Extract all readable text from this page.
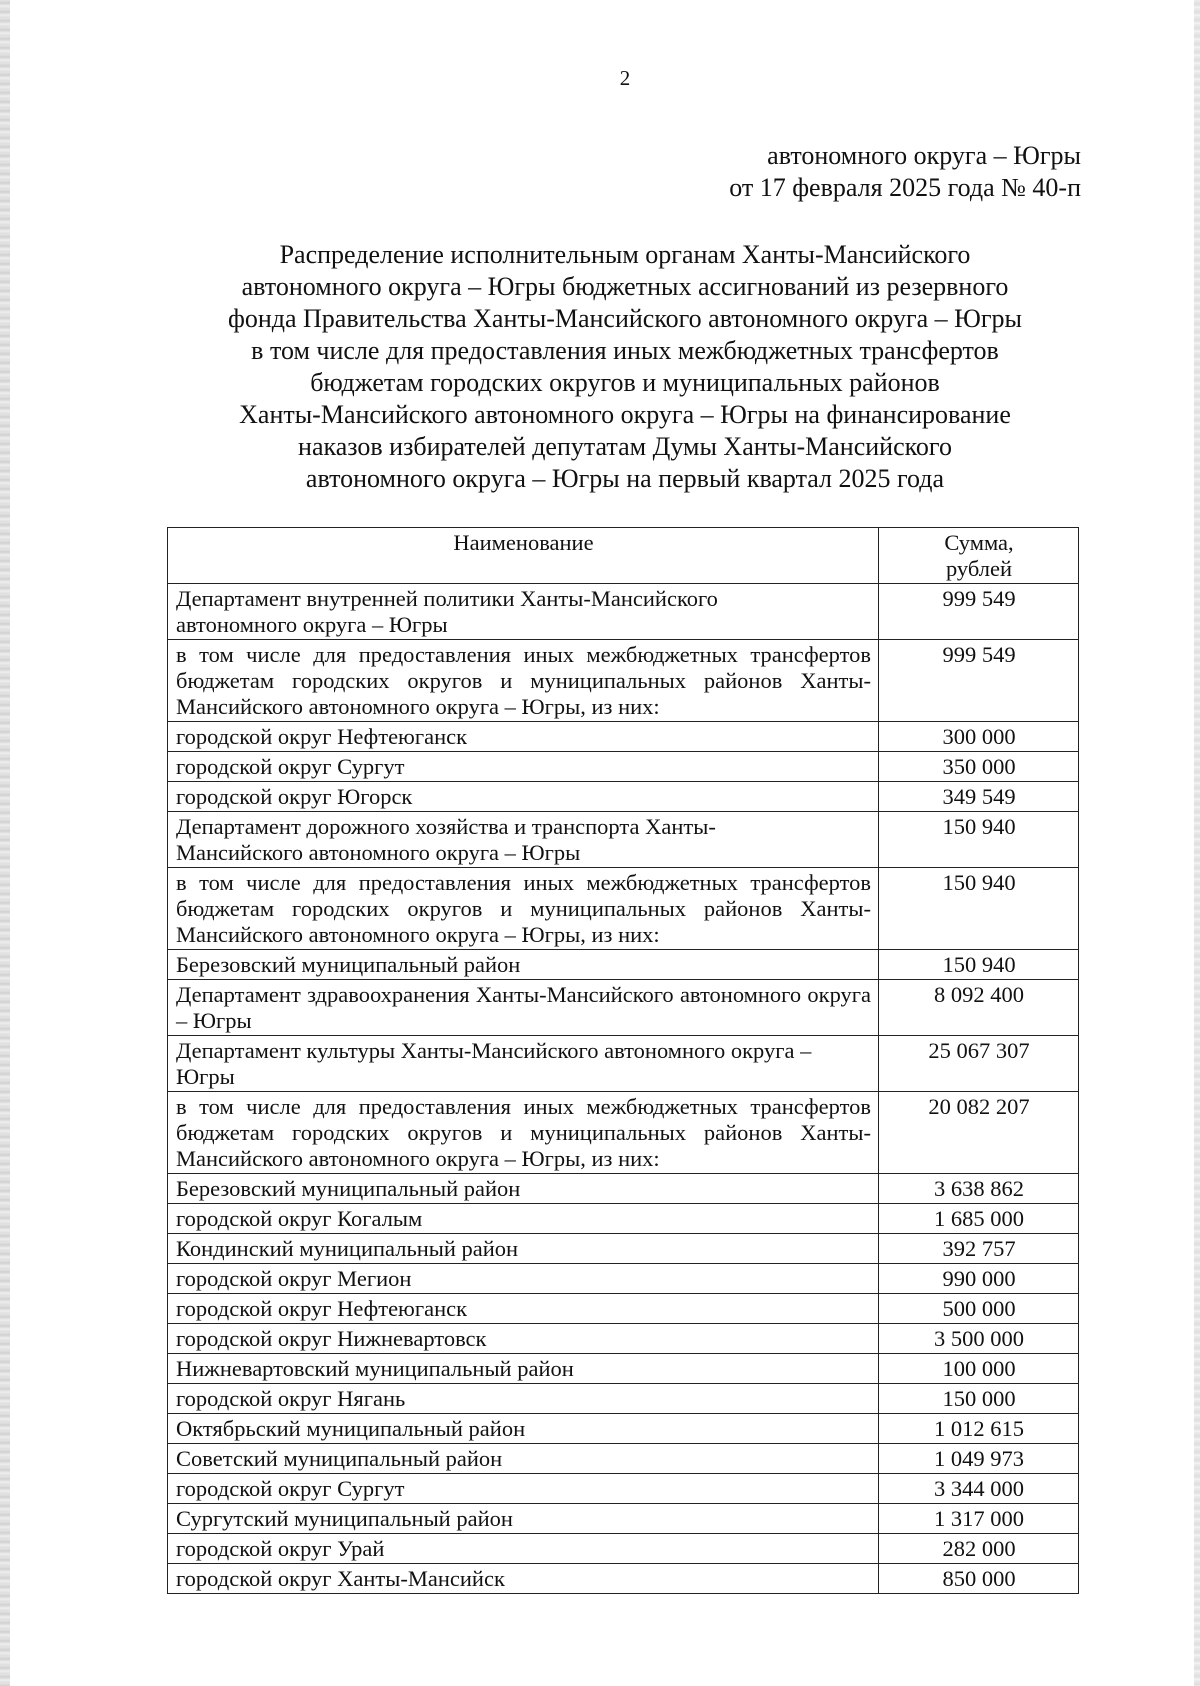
2
автономного округа – Югры
от 17 февраля 2025 года № 40-п
Распределение исполнительным органам Ханты-Мансийского
автономного округа – Югры бюджетных ассигнований из резервного
фонда Правительства Ханты-Мансийского автономного округа – Югры
в том числе для предоставления иных межбюджетных трансфертов
бюджетам городских округов и муниципальных районов
Ханты-Мансийского автономного округа – Югры на финансирование
наказов избирателей депутатам Думы Ханты-Мансийского
автономного округа – Югры на первый квартал 2025 года
Наименование	Сумма,
рублей
Департамент внутренней политики Ханты-Мансийского
автономного округа – Югры	999 549
в том числе для предоставления иных межбюджетных трансфертов бюджетам городских округов и муниципальных районов Ханты-Мансийского автономного округа – Югры, из них:	999 549
городской округ Нефтеюганск	300 000
городской округ Сургут	350 000
городской округ Югорск	349 549
Департамент дорожного хозяйства и транспорта Ханты-
Мансийского автономного округа – Югры	150 940
в том числе для предоставления иных межбюджетных трансфертов бюджетам городских округов и муниципальных районов Ханты-Мансийского автономного округа – Югры, из них:	150 940
Березовский муниципальный район	150 940
Департамент здравоохранения Ханты-Мансийского автономного округа – Югры	8 092 400
Департамент культуры Ханты-Мансийского автономного округа – Югры	25 067 307
в том числе для предоставления иных межбюджетных трансфертов бюджетам городских округов и муниципальных районов Ханты-Мансийского автономного округа – Югры, из них:	20 082 207
Березовский муниципальный район	3 638 862
городской округ Когалым	1 685 000
Кондинский муниципальный район	392 757
городской округ Мегион	990 000
городской округ Нефтеюганск	500 000
городской округ Нижневартовск	3 500 000
Нижневартовский муниципальный район	100 000
городской округ Нягань	150 000
Октябрьский муниципальный район	1 012 615
Советский муниципальный район	1 049 973
городской округ Сургут	3 344 000
Сургутский муниципальный район	1 317 000
городской округ Урай	282 000
городской округ Ханты-Мансийск	850 000
